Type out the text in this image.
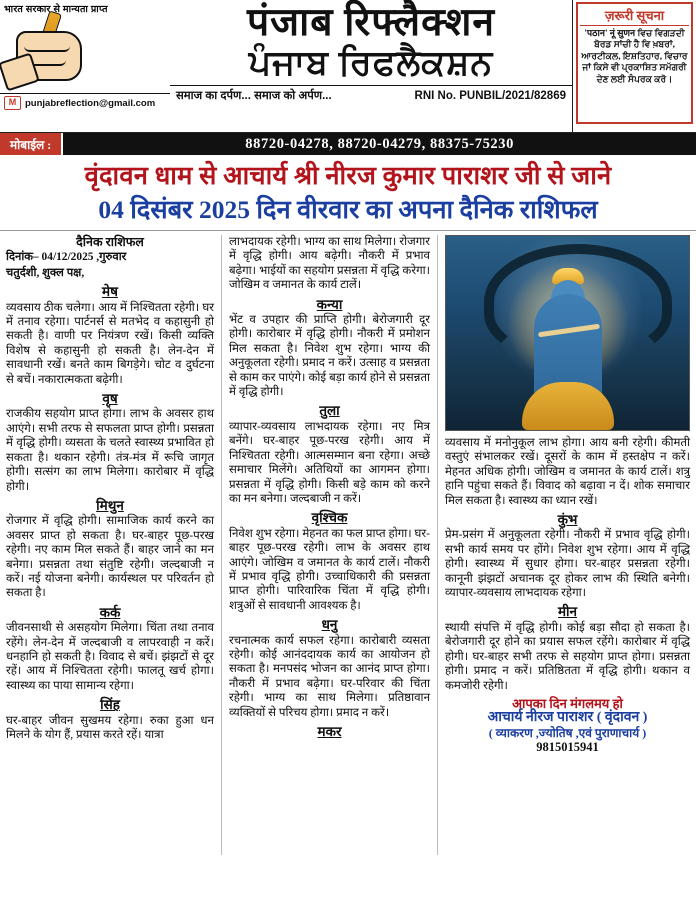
भारत सरकार से मान्यता प्राप्त
M punjabreflection@gmail.com
पंजाब रिफ्लैक्शन
ਪੰਜਾਬ ਰਿਫਲੈਕਸ਼ਨ
समाज का दर्पण... समाज को अर्पण...	RNI No. PUNBIL/2021/82869
ज़रूरी सूचना
'पठान' नूं सुणन ਵਿਚ ਵਿਗੜਦੀ ਬੋਰਡ ਸਾਂਚੀ ਹੈ ਵਿ ਖ਼ਬਰਾਂ, ਆਰਟੀਕਲ, ਇਸ਼ਤਿਹਾਰ, ਵਿਚਾਰ ਜਾਂ ਕਿਸੇ ਵੀ ਪ੍ਰਕਾਸ਼ਿਤ ਸਮੱਗਰੀ ਦੇਣ ਲਈ ਸੰਪਰਕ ਕਰੋ।
मोबाईल :	88720-04278, 88720-04279, 88375-75230
वृंदावन धाम से आचार्य श्री नीरज कुमार पाराशर जी से जाने
04 दिसंबर 2025 दिन वीरवार का अपना दैनिक राशिफल
दैनिक राशिफल
दिनांक– 04/12/2025 ,गुरुवार
चतुर्दशी, शुक्ल पक्ष,
मेष
व्यवसाय ठीक चलेगा। आय में निश्चितता रहेगी। घर में तनाव रहेगा। पार्टनर्स से मतभेद व कहासुनी हो सकती है। वाणी पर नियंत्रण रखें। किसी व्यक्ति विशेष से कहासुनी हो सकती है। लेन-देन में सावधानी रखें। बनते काम बिगड़ेगे। चोट व दुर्घटना से बचें। नकारात्मकता बढ़ेगी।
वृष
राजकीय सहयोग प्राप्त होगा। लाभ के अवसर हाथ आएंगे। सभी तरफ से सफलता प्राप्त होगी। प्रसन्नता में वृद्धि होगी। व्यसता के चलते स्वास्थ्य प्रभावित हो सकता है। थकान रहेगी। तंत्र-मंत्र में रूचि जागृत होगी। सत्संग का लाभ मिलेगा। कारोबार में वृद्धि होगी।
मिथुन
रोजगार में वृद्धि होगी। सामाजिक कार्य करने का अवसर प्राप्त हो सकता है। घर-बाहर पूछ-परख रहेगी। नए काम मिल सकते हैं। बाहर जाने का मन बनेगा। प्रसन्नता तथा संतुष्टि रहेगी। जल्दबाजी न करें। नई योजना बनेगी। कार्यस्थल पर परिवर्तन हो सकता है।
कर्क
जीवनसाथी से असहयोग मिलेगा। चिंता तथा तनाव रहेंगे। लेन-देन में जल्दबाजी व लापरवाही न करें। धनहानि हो सकती है। विवाद से बचें। झंझटों से दूर रहें। आय में निश्चितता रहेगी। फालतू खर्च होगा। स्वास्थ्य का पाया सामान्य रहेगा।
सिंह
घर-बाहर जीवन सुखमय रहेगा। रुका हुआ धन मिलने के योग हैं, प्रयास करते रहें। यात्रा
लाभदायक रहेगी। भाग्य का साथ मिलेगा। रोजगार में वृद्धि होगी। आय बढ़ेगी। नौकरी में प्रभाव बढ़ेगा। भाईयों का सहयोग प्रसन्नता में वृद्धि करेगा। जोखिम व जमानत के कार्य टालें।
कन्या
भेंट व उपहार की प्राप्ति होगी। बेरोजगारी दूर होगी। कारोबार में वृद्धि होगी। नौकरी में प्रमोशन मिल सकता है। निवेश शुभ रहेगा। भाग्य की अनुकूलता रहेगी। प्रमाद न करें। उत्साह व प्रसन्नता से काम कर पाएंगे। कोई बड़ा कार्य होने से प्रसन्नता में वृद्धि होगी।
तुला
व्यापार-व्यवसाय लाभदायक रहेगा। नए मित्र बनेंगे। घर-बाहर पूछ-परख रहेगी। आय में निश्चितता रहेगी। आत्मसम्मान बना रहेगा। अच्छे समाचार मिलेंगे। अतिथियों का आगमन होगा। प्रसन्नता में वृद्धि होगी। किसी बड़े काम को करने का मन बनेगा। जल्दबाजी न करें।
वृश्चिक
निवेश शुभ रहेगा। मेहनत का फल प्राप्त होगा। घर-बाहर पूछ-परख रहेगी। लाभ के अवसर हाथ आएंगे। जोखिम व जमानत के कार्य टालें। नौकरी में प्रभाव वृद्धि होगी। उच्चाधिकारी की प्रसन्नता प्राप्त होगी। पारिवारिक चिंता में वृद्धि होगी। शत्रुओं से सावधानी आवश्यक है।
धनु
रचनात्मक कार्य सफल रहेगा। कारोबारी व्यसता रहेगी। कोई आनंददायक कार्य का आयोजन हो सकता है। मनपसंद भोजन का आनंद प्राप्त होगा। नौकरी में प्रभाव बढ़ेगा। घर-परिवार की चिंता रहेगी। भाग्य का साथ मिलेगा। प्रतिष्ठावान व्यक्तियों से परिचय होगा। प्रमाद न करें।
मकर
व्यवसाय में मनोनुकूल लाभ होगा। आय बनी रहेगी। कीमती वस्तुएं संभालकर रखें। दूसरों के काम में हस्तक्षेप न करें। मेहनत अधिक होगी। जोखिम व जमानत के कार्य टालें। शत्रु हानि पहुंचा सकते हैं। विवाद को बढ़ावा न दें। शोक समाचार मिल सकता है। स्वास्थ्य का ध्यान रखें।
कुंभ
प्रेम-प्रसंग में अनुकूलता रहेगी। नौकरी में प्रभाव वृद्धि होगी। सभी कार्य समय पर होंगे। निवेश शुभ रहेगा। आय में वृद्धि होगी। स्वास्थ्य में सुधार होगा। घर-बाहर प्रसन्नता रहेगी। कानूनी झंझटों अचानक दूर होकर लाभ की स्थिति बनेगी। व्यापार-व्यवसाय लाभदायक रहेगा।
मीन
स्थायी संपत्ति में वृद्धि होगी। कोई बड़ा सौदा हो सकता है। बेरोजगारी दूर होने का प्रयास सफल रहेंगे। कारोबार में वृद्धि होगी। घर-बाहर सभी तरफ से सहयोग प्राप्त होगा। प्रसन्नता होगी। प्रमाद न करें। प्रतिष्ठितता में वृद्धि होगी। थकान व कमजोरी रहेगी।
आपका दिन मंगलमय हो
आचार्य नीरज पाराशर ( वृंदावन )
( व्याकरण ,ज्योतिष ,एवं पुराणाचार्य )
9815015941
